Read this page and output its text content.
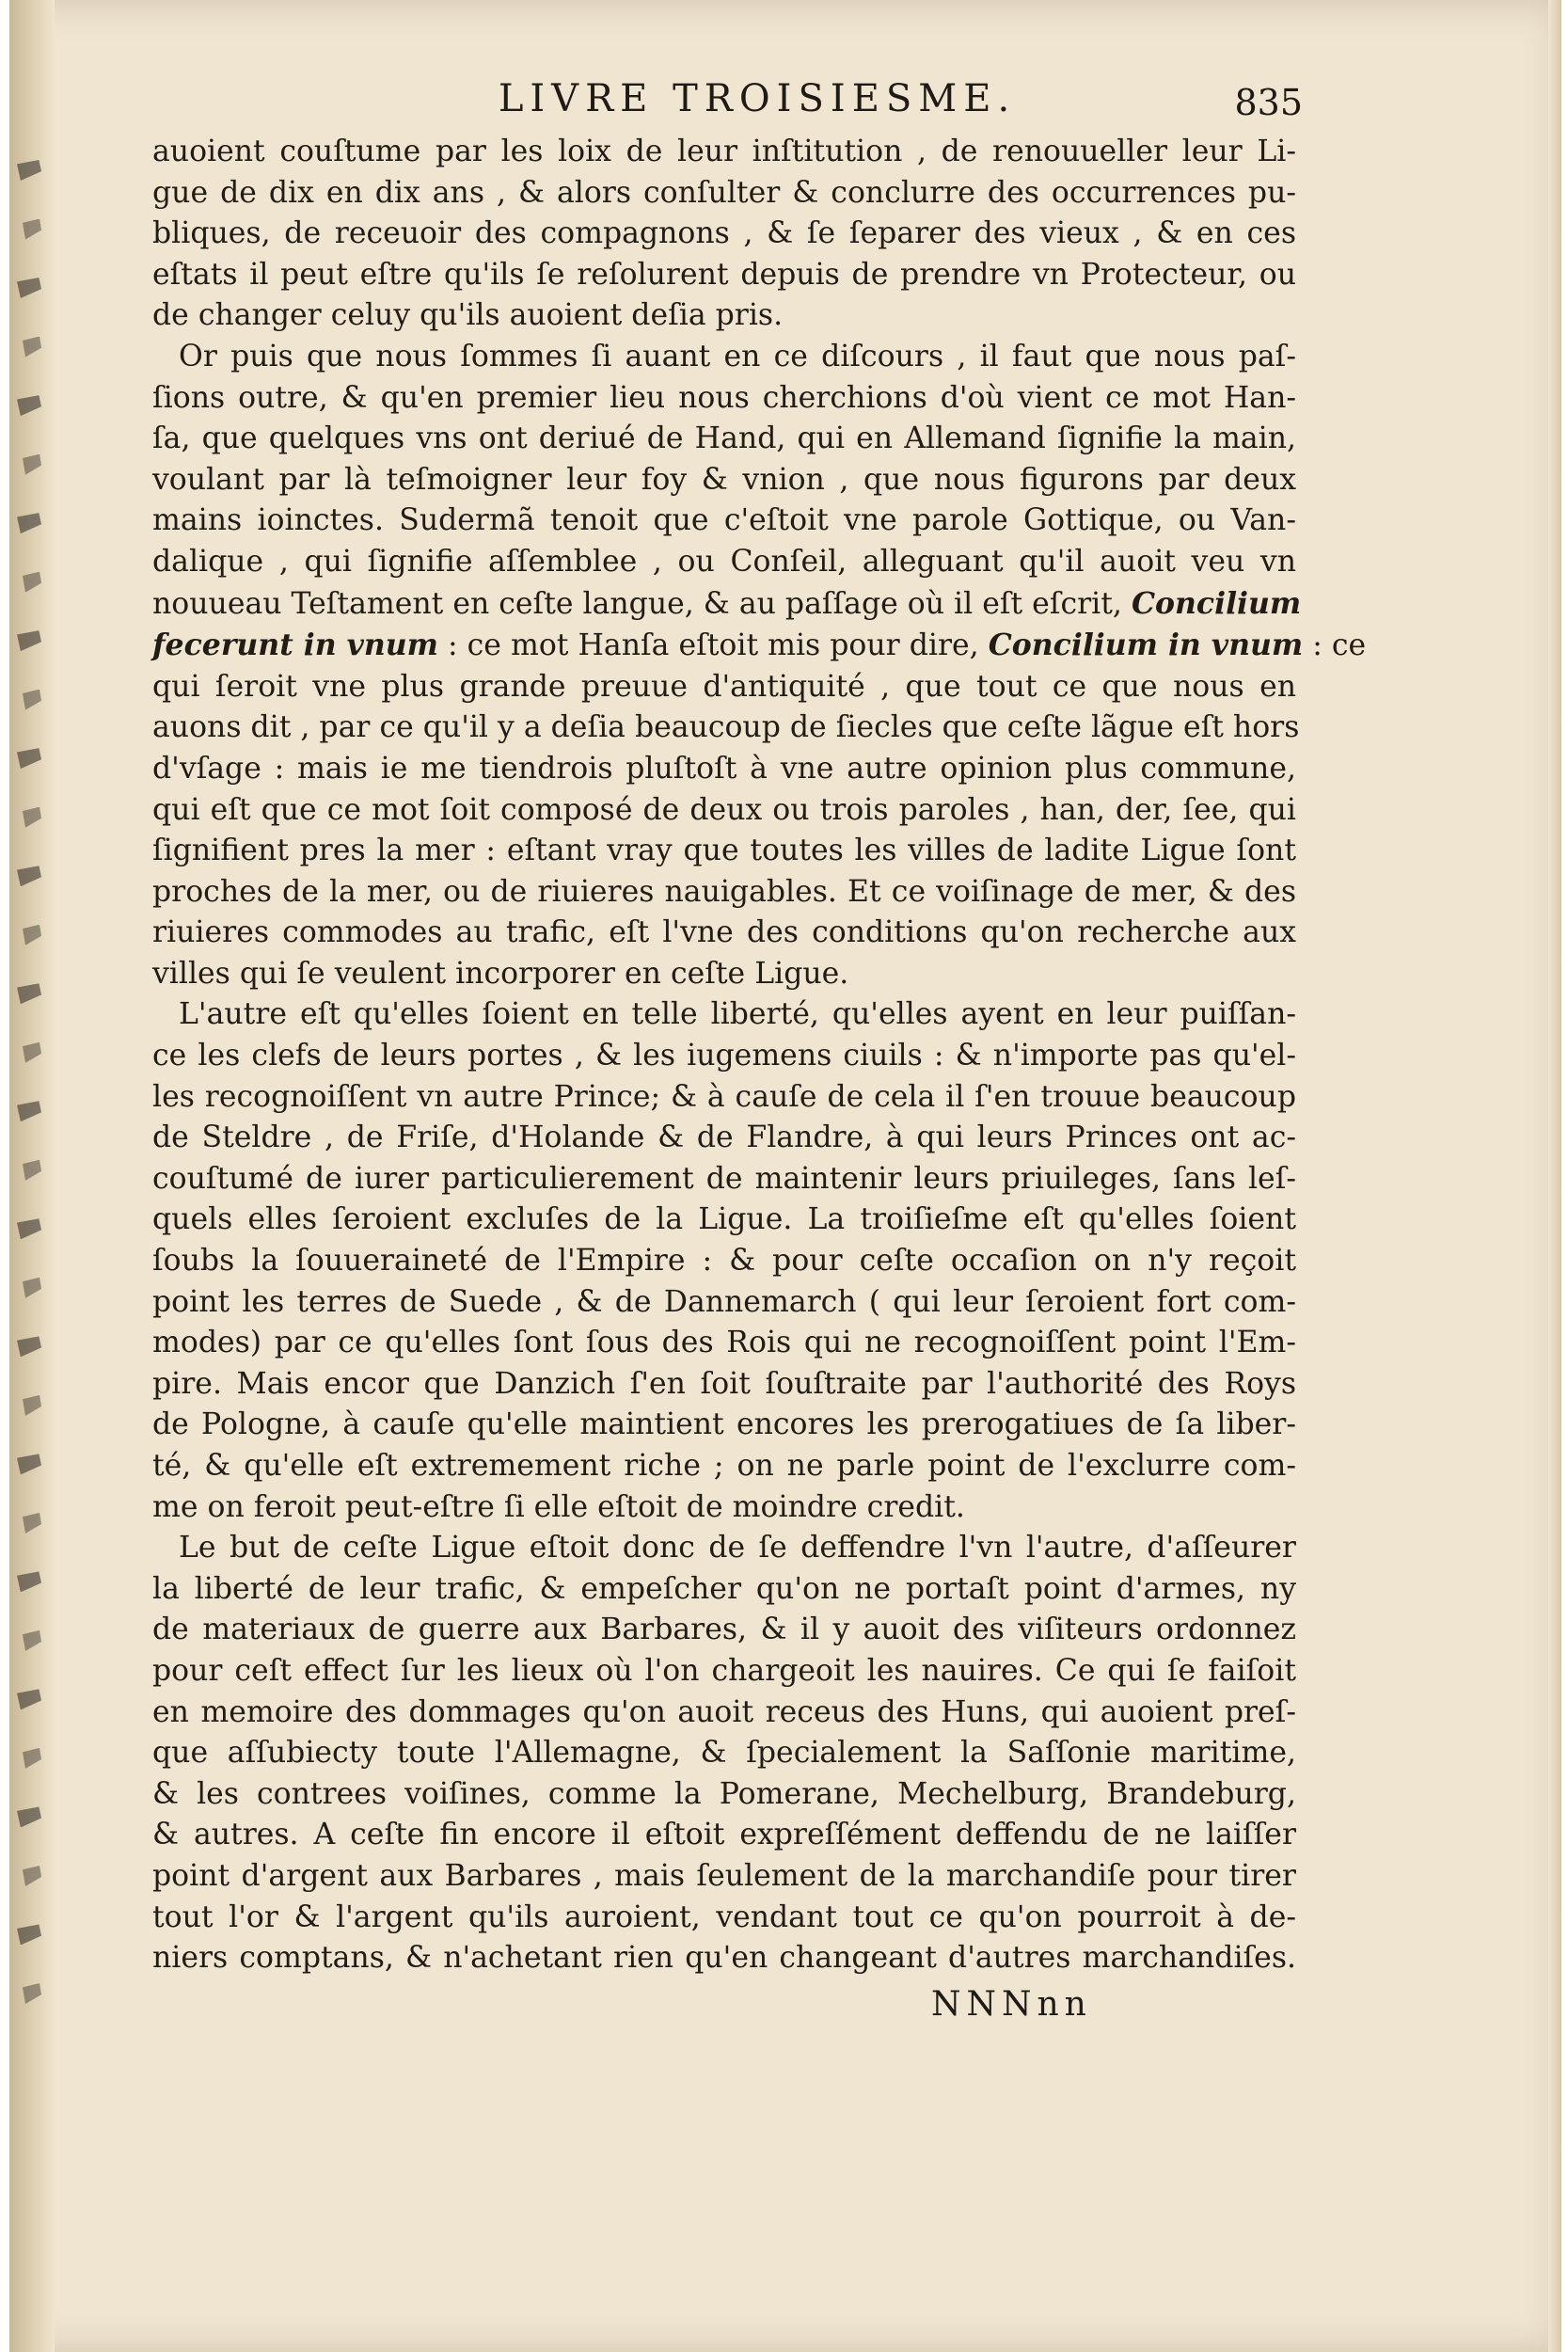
LIVRE TROISIESME.	835
auoient couſtume par les loix de leur inſtitution , de renouueller leur Li-
gue de dix en dix ans , & alors conſulter & conclurre des occurrences pu-
bliques, de receuoir des compagnons , & ſe ſeparer des vieux , & en ces
eſtats il peut eſtre qu'ils ſe reſolurent depuis de prendre vn Protecteur, ou
de changer celuy qu'ils auoient deſia pris.
Or puis que nous ſommes ſi auant en ce diſcours , il faut que nous paſ-
ſions outre, & qu'en premier lieu nous cherchions d'où vient ce mot Han-
ſa, que quelques vns ont deriué de Hand, qui en Allemand ſignifie la main,
voulant par là teſmoigner leur foy & vnion , que nous figurons par deux
mains ioinctes. Sudermã tenoit que c'eſtoit vne parole Gottique, ou Van-
dalique , qui ſignifie aſſemblee , ou Conſeil, alleguant qu'il auoit veu vn
nouueau Teſtament en ceſte langue, & au paſſage où il eſt eſcrit, Concilium
fecerunt in vnum : ce mot Hanſa eſtoit mis pour dire, Concilium in vnum
qui ſeroit vne plus grande preuue d'antiquité , que tout ce que nous en
auons dit , par ce qu'il y a deſia beaucoup de ſiecles que ceſte lãgue eſt hors
d'vſage : mais ie me tiendrois pluſtoſt à vne autre opinion plus commune,
qui eſt que ce mot ſoit composé de deux ou trois paroles , han, der, ſee, qui
ſignifient pres la mer : eſtant vray que toutes les villes de ladite Ligue ſont
proches de la mer, ou de riuieres nauigables. Et ce voiſinage de mer, & des
riuieres commodes au trafic, eſt l'vne des conditions qu'on recherche aux
villes qui ſe veulent incorporer en ceſte Ligue.
L'autre eſt qu'elles ſoient en telle liberté, qu'elles ayent en leur puiſſan-
ce les clefs de leurs portes , & les iugemens ciuils : & n'importe pas qu'el-
les recognoiſſent vn autre Prince; & à cauſe de cela il ſ'en trouue beaucoup
de Steldre , de Friſe, d'Holande & de Flandre, à qui leurs Princes ont ac-
couſtumé de iurer particulierement de maintenir leurs priuileges, ſans leſ-
quels elles ſeroient excluſes de la Ligue. La troiſieſme eſt qu'elles ſoient
ſoubs la ſouueraineté de l'Empire : & pour ceſte occaſion on n'y reçoit
point les terres de Suede , & de Dannemarch ( qui leur ſeroient fort com-
modes) par ce qu'elles ſont ſous des Rois qui ne recognoiſſent point l'Em-
pire. Mais encor que Danzich ſ'en ſoit ſouſtraite par l'authorité des Roys
de Pologne, à cauſe qu'elle maintient encores les prerogatiues de ſa liber-
té, & qu'elle eſt extremement riche ; on ne parle point de l'exclurre com-
me on feroit peut-eſtre ſi elle eſtoit de moindre credit.
Le but de ceſte Ligue eſtoit donc de ſe deffendre l'vn l'autre, d'aſſeurer
la liberté de leur trafic, & empeſcher qu'on ne portaſt point d'armes, ny
de materiaux de guerre aux Barbares, & il y auoit des viſiteurs ordonnez
pour ceſt effect ſur les lieux où l'on chargeoit les nauires. Ce qui ſe faiſoit
en memoire des dommages qu'on auoit receus des Huns, qui auoient preſ-
que aſſubiecty toute l'Allemagne, & ſpecialement la Saſſonie maritime,
& les contrees voiſines, comme la Pomerane, Mechelburg, Brandeburg,
& autres. A ceſte fin encore il eſtoit expreſſément deffendu de ne laiſſer
point d'argent aux Barbares , mais ſeulement de la marchandiſe pour tirer
tout l'or & l'argent qu'ils auroient, vendant tout ce qu'on pourroit à de-
niers comptans, & n'achetant rien qu'en changeant d'autres marchandiſes.
NNNnn
